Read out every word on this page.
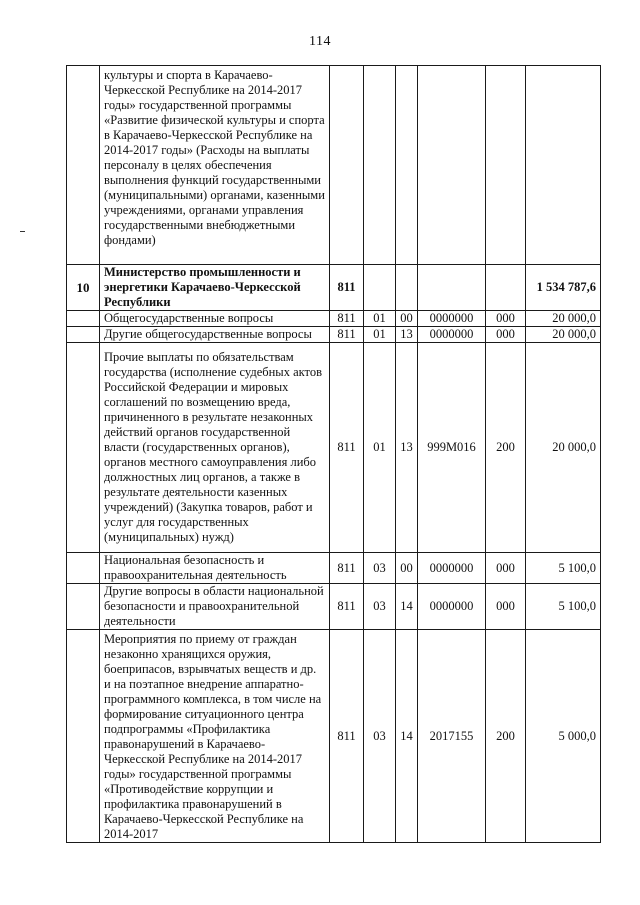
114
	культуры и спорта в Карачаево-Черкесской Республике на 2014-2017 годы» государственной программы «Развитие физической культуры и спорта в Карачаево-Черкесской Республике на 2014-2017 годы» (Расходы на выплаты персоналу в целях обеспечения выполнения функций государственными (муниципальными) органами, казенными учреждениями, органами управления государственными внебюджетными фондами)						
10	Министерство промышленности и энергетики Карачаево-Черкесской Республики	811					1 534 787,6
	Общегосударственные вопросы	811	01	00	0000000	000	20 000,0
	Другие общегосударственные вопросы	811	01	13	0000000	000	20 000,0
	Прочие выплаты по обязательствам государства (исполнение судебных актов Российской Федерации и мировых соглашений по возмещению вреда, причиненного в результате незаконных действий органов государственной власти (государственных органов), органов местного самоуправления либо должностных лиц органов, а также в результате деятельности казенных учреждений) (Закупка товаров, работ и услуг для государственных (муниципальных) нужд)	811	01	13	999М016	200	20 000,0
	Национальная безопасность и правоохранительная деятельность	811	03	00	0000000	000	5 100,0
	Другие вопросы в области национальной безопасности и правоохранительной деятельности	811	03	14	0000000	000	5 100,0
	Мероприятия по приему от граждан незаконно хранящихся оружия, боеприпасов, взрывчатых веществ и др. и на поэтапное внедрение аппаратно- программного комплекса, в том числе на формирование ситуационного центра подпрограммы «Профилактика правонарушений в Карачаево-Черкесской Республике на 2014-2017 годы» государственной программы «Противодействие коррупции и профилактика правонарушений в Карачаево-Черкесской Республике на 2014-2017	811	03	14	2017155	200	5 000,0
